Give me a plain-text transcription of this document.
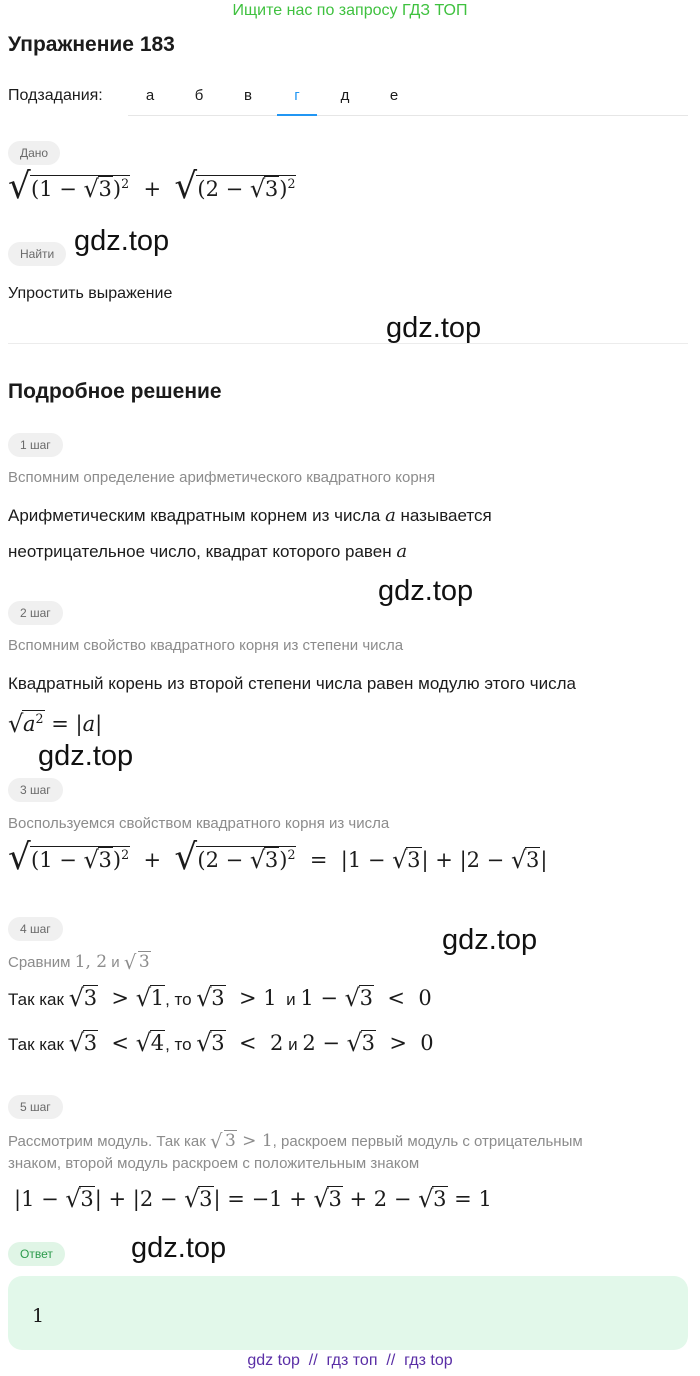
Ищите нас по запросу ГДЗ ТОП
Упражнение 183
Подзадания:	а	б	в	г	д	е
Дано
√ (1 − √ 3)$^2$  +  √ (2 − √ 3)$^2$
Найти
Упростить выражение
Подробное решение
1 шаг
Вспомним определение арифметического квадратного корня
Арифметическим квадратным корнем из числа a называется
неотрицательное число, квадрат которого равен a
2 шаг
Вспомним свойство квадратного корня из степени числа
Квадратный корень из второй степени числа равен модулю этого числа
√ $a^2 = |a|$
3 шаг
Воспользуемся свойством квадратного корня из числа
√ (1 − √ 3)$^2$  +  √ (2 − √ 3)$^2$  =  |1 − √ 3| + |2 − √ 3|
4 шаг
Сравним 1, 2 и √ 3
Так как √ 3  > √ 1, то √ 3  > 1 и 1 − √ 3  <  0
Так как √ 3  < √ 4, то √ 3  <  2 и 2 − √ 3  >  0
5 шаг
Рассмотрим модуль. Так как √ 3 > 1, раскроем первый модуль с отрицательным
знаком, второй модуль раскроем с положительным знаком
|1 − √ 3| + |2 − √ 3| = −1 + √ 3 + 2 − √ 3 = 1
Ответ
1
gdz.top
gdz.top
gdz.top
gdz.top
gdz.top
gdz.top
gdz top  //  гдз топ  //  гдз top
